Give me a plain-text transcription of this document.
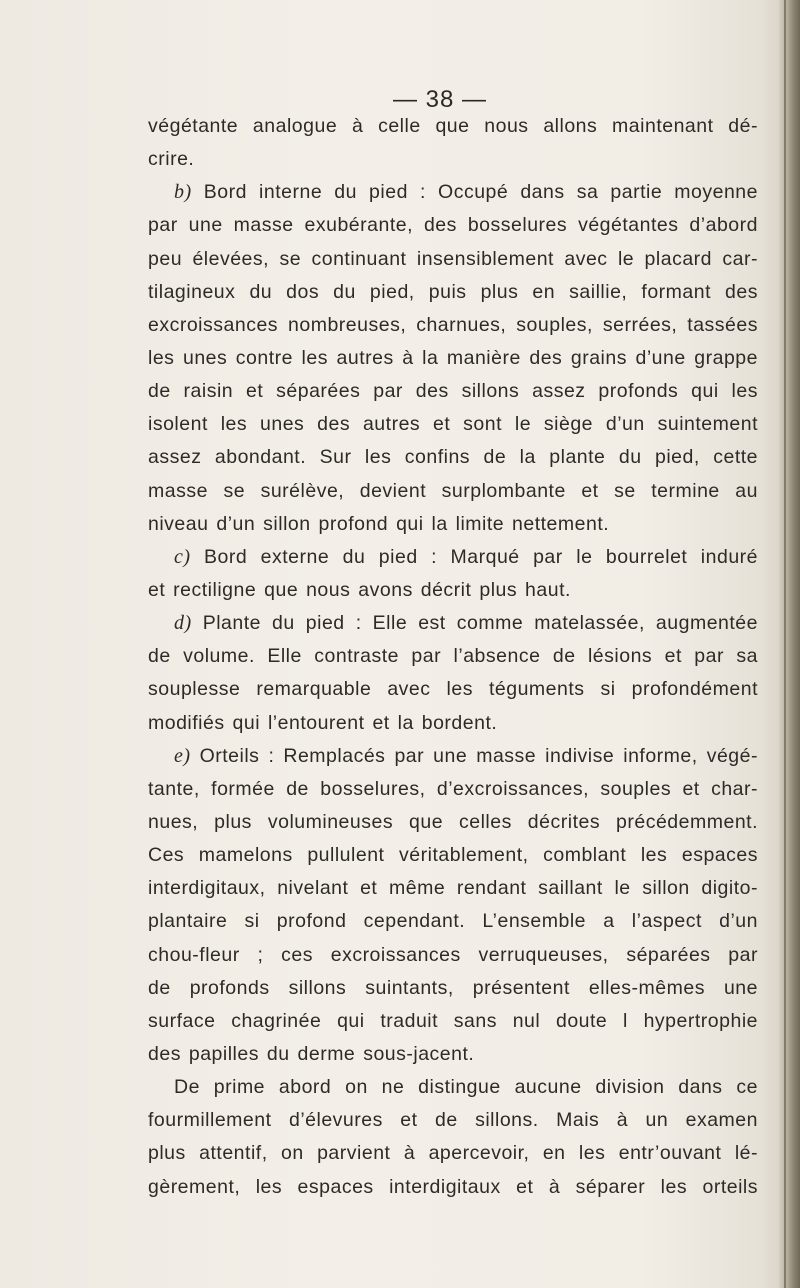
— 38 —
végétante analogue à celle que nous allons maintenant dé-
crire.
b) Bord interne du pied : Occupé dans sa partie moyenne
par une masse exubérante, des bosselures végétantes d’abord
peu élevées, se continuant insensiblement avec le placard car-
tilagineux du dos du pied, puis plus en saillie, formant des
excroissances nombreuses, charnues, souples, serrées, tassées
les unes contre les autres à la manière des grains d’une grappe
de raisin et séparées par des sillons assez profonds qui les
isolent les unes des autres et sont le siège d’un suintement
assez abondant. Sur les confins de la plante du pied, cette
masse se surélève, devient surplombante et se termine au
niveau d’un sillon profond qui la limite nettement.
c) Bord externe du pied : Marqué par le bourrelet induré
et rectiligne que nous avons décrit plus haut.
d) Plante du pied : Elle est comme matelassée, augmentée
de volume. Elle contraste par l’absence de lésions et par sa
souplesse remarquable avec les téguments si profondément
modifiés qui l’entourent et la bordent.
e) Orteils : Remplacés par une masse indivise informe, végé-
tante, formée de bosselures, d’excroissances, souples et char-
nues, plus volumineuses que celles décrites précédemment.
Ces mamelons pullulent véritablement, comblant les espaces
interdigitaux, nivelant et même rendant saillant le sillon digito-
plantaire si profond cependant. L’ensemble a l’aspect d’un
chou-fleur ; ces excroissances verruqueuses, séparées par
de profonds sillons suintants, présentent elles-mêmes une
surface chagrinée qui traduit sans nul doute l hypertrophie
des papilles du derme sous-jacent.
De prime abord on ne distingue aucune division dans ce
fourmillement d’élevures et de sillons. Mais à un examen
plus attentif, on parvient à apercevoir, en les entr’ouvant lé-
gèrement, les espaces interdigitaux et à séparer les orteils
